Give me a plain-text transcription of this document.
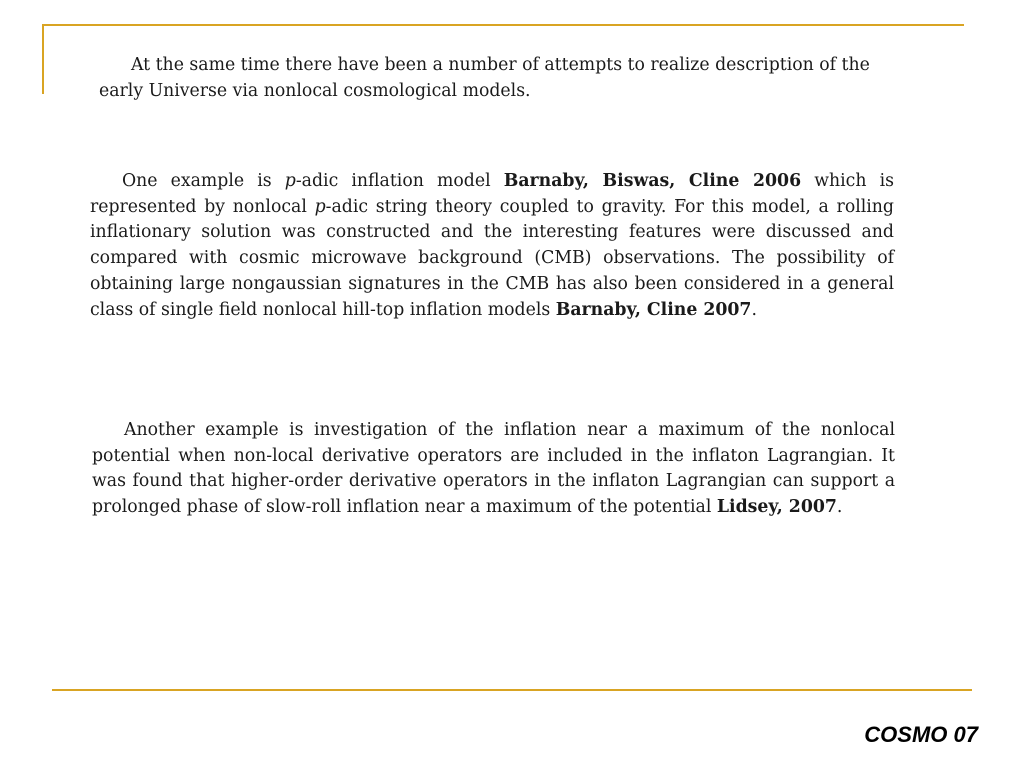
At the same time there have been a number of attempts to realize description of the early Universe via nonlocal cosmological models.

One example is p-adic inflation model Barnaby, Biswas, Cline 2006 which is represented by nonlocal p-adic string theory coupled to gravity. For this model, a rolling inflationary solution was constructed and the interesting features were discussed and compared with cosmic microwave background (CMB) observations. The possibility of obtaining large nongaussian signatures in the CMB has also been considered in a general class of single field nonlocal hill-top inflation models Barnaby, Cline 2007.

Another example is investigation of the inflation near a maximum of the nonlocal potential when non-local derivative operators are included in the inflaton Lagrangian. It was found that higher-order derivative operators in the inflaton Lagrangian can support a prolonged phase of slow-roll inflation near a maximum of the potential Lidsey, 2007.

COSMO 07
